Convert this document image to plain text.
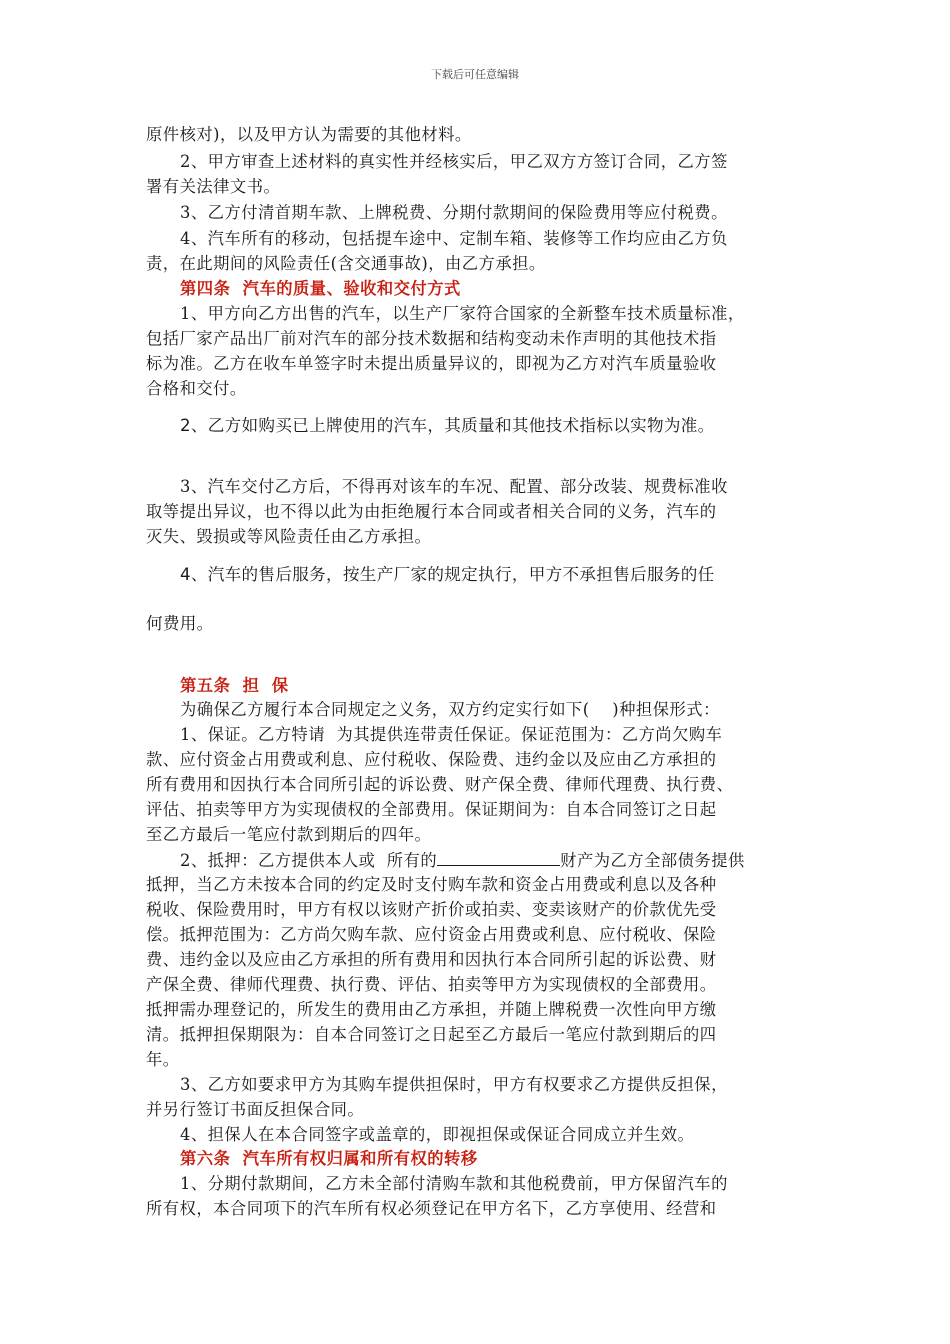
下载后可任意编辑
原件核对)，以及甲方认为需要的其他材料。
2、甲方审查上述材料的真实性并经核实后，甲乙双方方签订合同，乙方签
署有关法律文书。
3、乙方付清首期车款、上牌税费、分期付款期间的保险费用等应付税费。
4、汽车所有的移动，包括提车途中、定制车箱、装修等工作均应由乙方负
责，在此期间的风险责任(含交通事故)，由乙方承担。
第四条  汽车的质量、验收和交付方式
1、甲方向乙方出售的汽车，以生产厂家符合国家的全新整车技术质量标准，
包括厂家产品出厂前对汽车的部分技术数据和结构变动未作声明的其他技术指
标为准。乙方在收车单签字时未提出质量异议的，即视为乙方对汽车质量验收
合格和交付。
2、乙方如购买已上牌使用的汽车，其质量和其他技术指标以实物为准。
3、汽车交付乙方后，不得再对该车的车况、配置、部分改装、规费标准收
取等提出异议，也不得以此为由拒绝履行本合同或者相关合同的义务，汽车的
灭失、毁损或等风险责任由乙方承担。
4、汽车的售后服务，按生产厂家的规定执行，甲方不承担售后服务的任
何费用。
第五条  担  保
为确保乙方履行本合同规定之义务，双方约定实行如下(    )种担保形式：
1、保证。乙方特请  为其提供连带责任保证。保证范围为：乙方尚欠购车
款、应付资金占用费或利息、应付税收、保险费、违约金以及应由乙方承担的
所有费用和因执行本合同所引起的诉讼费、财产保全费、律师代理费、执行费、
评估、拍卖等甲方为实现债权的全部费用。保证期间为：自本合同签订之日起
至乙方最后一笔应付款到期后的四年。
2、抵押：乙方提供本人或  所有的	财产为乙方全部债务提供
抵押，当乙方未按本合同的约定及时支付购车款和资金占用费或利息以及各种
税收、保险费用时，甲方有权以该财产折价或拍卖、变卖该财产的价款优先受
偿。抵押范围为：乙方尚欠购车款、应付资金占用费或利息、应付税收、保险
费、违约金以及应由乙方承担的所有费用和因执行本合同所引起的诉讼费、财
产保全费、律师代理费、执行费、评估、拍卖等甲方为实现债权的全部费用。
抵押需办理登记的，所发生的费用由乙方承担，并随上牌税费一次性向甲方缴
清。抵押担保期限为：自本合同签订之日起至乙方最后一笔应付款到期后的四
年。
3、乙方如要求甲方为其购车提供担保时，甲方有权要求乙方提供反担保，
并另行签订书面反担保合同。
4、担保人在本合同签字或盖章的，即视担保或保证合同成立并生效。
第六条  汽车所有权归属和所有权的转移
1、分期付款期间，乙方未全部付清购车款和其他税费前，甲方保留汽车的
所有权，本合同项下的汽车所有权必须登记在甲方名下，乙方享使用、经营和
